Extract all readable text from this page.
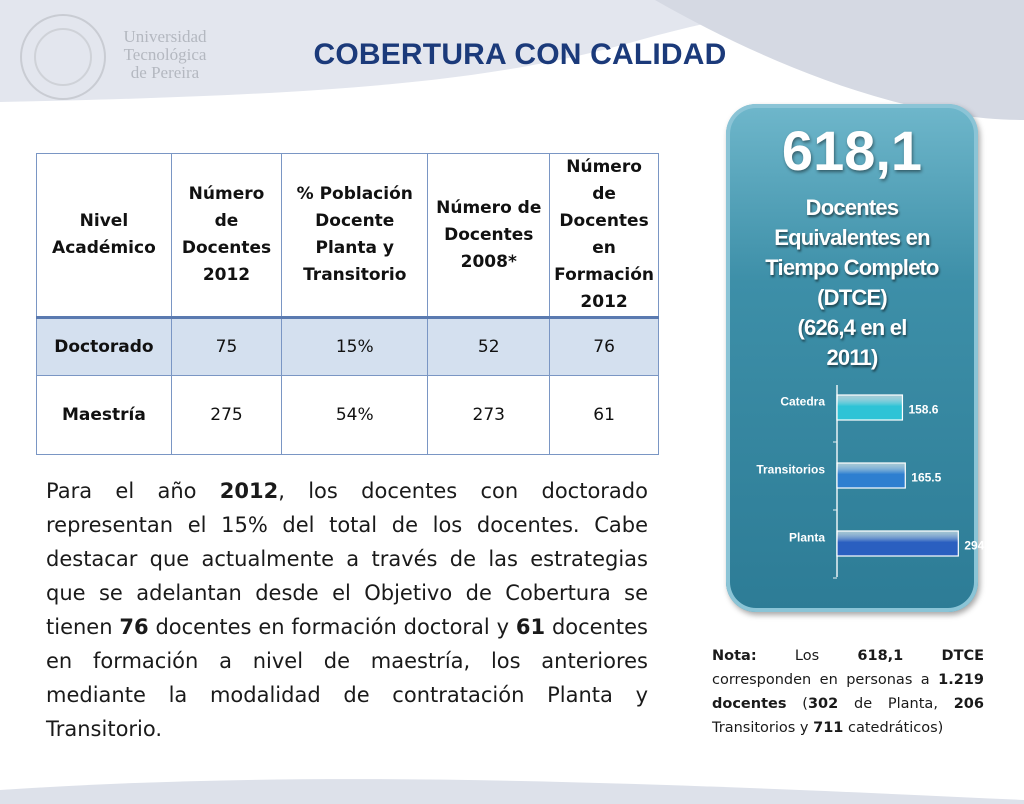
Universidad
Tecnológica
de Pereira
COBERTURA CON CALIDAD
Nivel Académico	Número de Docentes 2012	% Población Docente Planta y Transitorio	Número de Docentes 2008*	Número de Docentes en Formación 2012
Doctorado	75	15%	52	76
Maestría	275	54%	273	61
Para el año 2012, los docentes con doctorado representan el 15% del total de los docentes. Cabe destacar que actualmente a través de las estrategias que se adelantan desde el Objetivo de Cobertura se tienen 76 docentes en formación doctoral y 61 docentes en formación a nivel de maestría, los anteriores mediante la modalidad de contratación Planta y Transitorio.
618,1
Docentes
Equivalentes en
Tiempo Completo
(DTCE)
(626,4 en el
2011)
Catedra
158.6
Transitorios
165.5
Planta
294
Nota: Los 618,1	DTCE corresponden en personas a 1.219 docentes (302 de Planta, 206 Transitorios y 711 catedráticos)
